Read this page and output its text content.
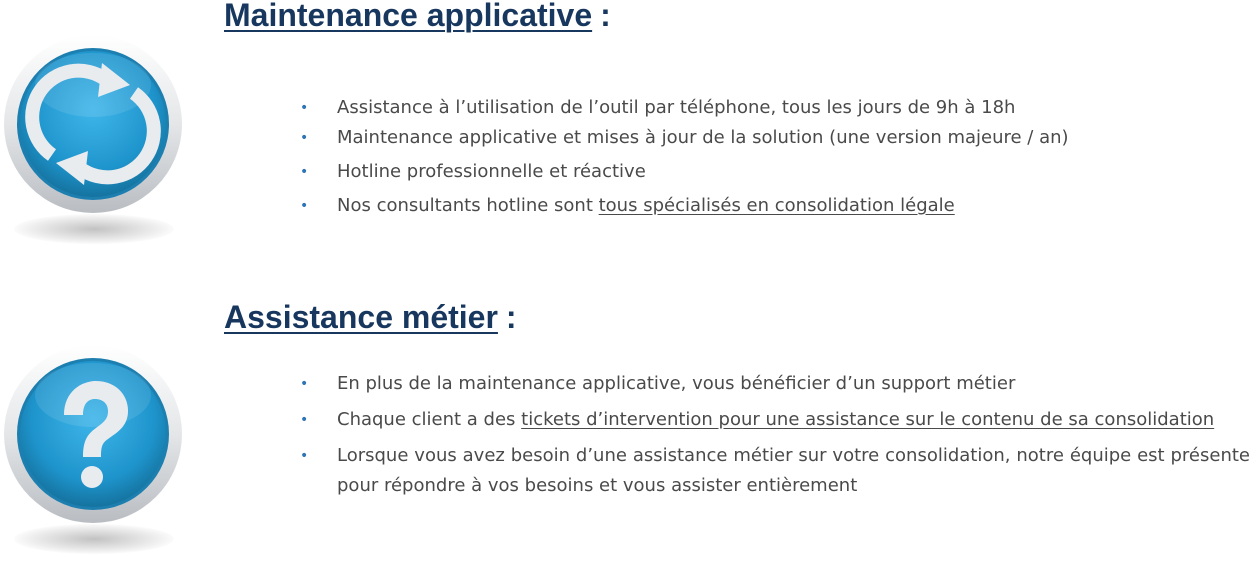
Maintenance applicative :
• Assistance à l’utilisation de l’outil par téléphone, tous les jours de 9h à 18h
• Maintenance applicative et mises à jour de la solution (une version majeure / an)
• Hotline professionnelle et réactive
• Nos consultants hotline sont tous spécialisés en consolidation légale
Assistance métier :
• En plus de la maintenance applicative, vous bénéficier d’un support métier
• Chaque client a des tickets d’intervention pour une assistance sur le contenu de sa consolidation
• Lorsque vous avez besoin d’une assistance métier sur votre consolidation, notre équipe est présente pour répondre à vos besoins et vous assister entièrement
